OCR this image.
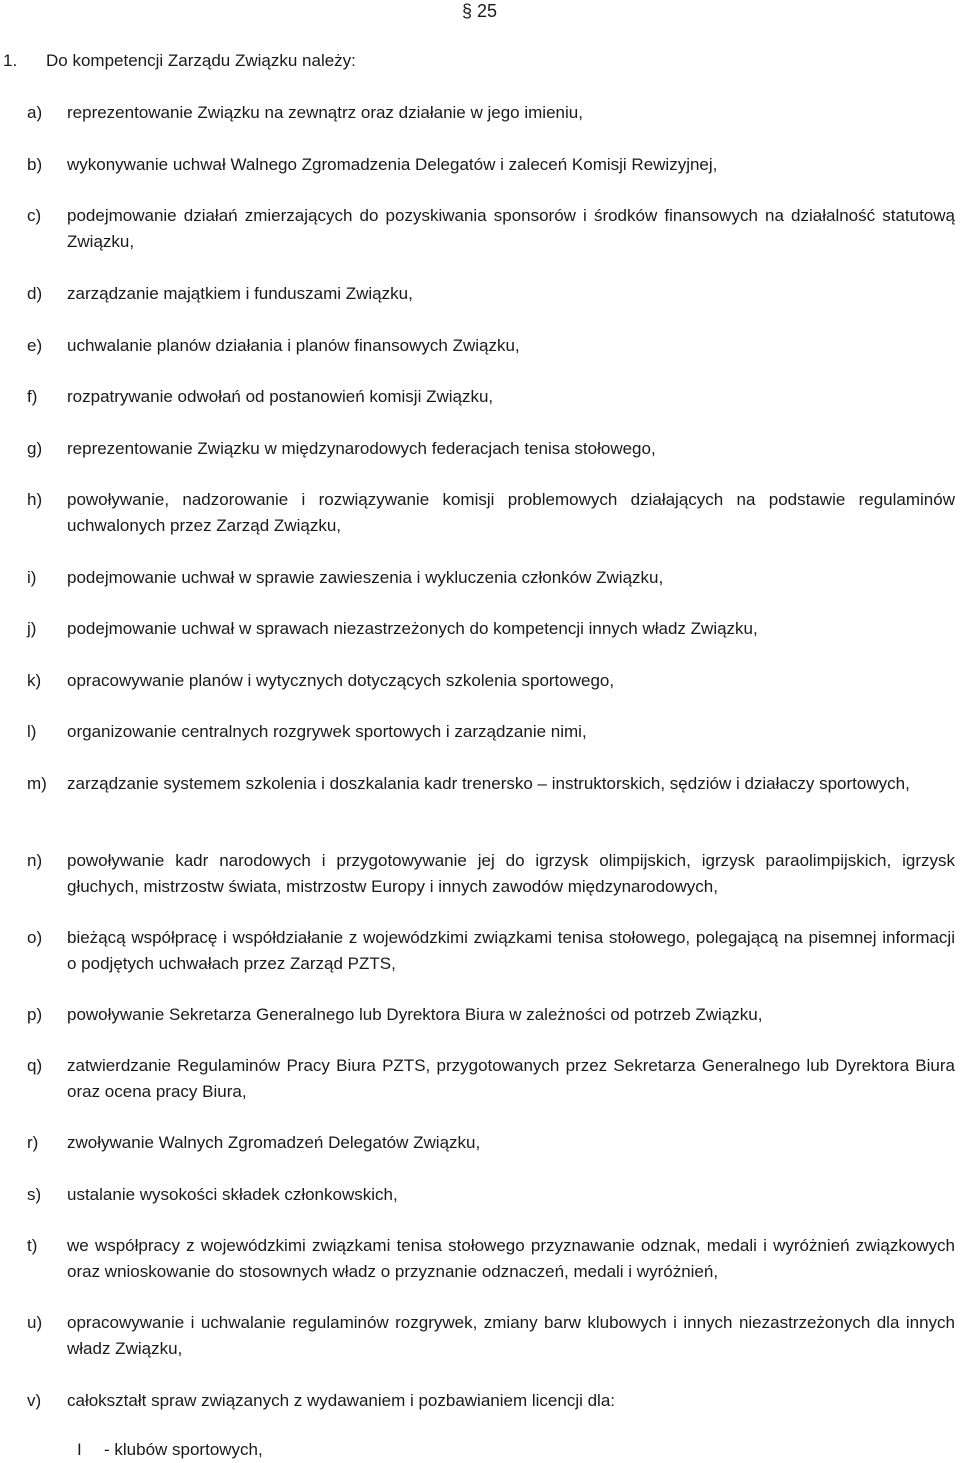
§ 25
1. Do kompetencji Zarządu Związku należy:
a) reprezentowanie Związku na zewnątrz oraz działanie w jego imieniu,
b) wykonywanie uchwał Walnego Zgromadzenia Delegatów i zaleceń Komisji Rewizyjnej,
c) podejmowanie działań zmierzających do pozyskiwania sponsorów i środków finansowych na działalność statutową Związku,
d) zarządzanie majątkiem i funduszami Związku,
e) uchwalanie planów działania i planów finansowych Związku,
f) rozpatrywanie odwołań od postanowień komisji Związku,
g) reprezentowanie Związku w międzynarodowych federacjach tenisa stołowego,
h) powoływanie, nadzorowanie i rozwiązywanie komisji problemowych działających na podstawie regulaminów uchwalonych przez Zarząd Związku,
i) podejmowanie uchwał w sprawie zawieszenia i wykluczenia członków Związku,
j) podejmowanie uchwał w sprawach niezastrzeżonych do kompetencji innych władz Związku,
k) opracowywanie planów i wytycznych dotyczących szkolenia sportowego,
l) organizowanie centralnych rozgrywek sportowych i zarządzanie nimi,
m) zarządzanie systemem szkolenia i doszkalania kadr trenersko – instruktorskich, sędziów i działaczy sportowych,
n) powoływanie kadr narodowych i przygotowywanie jej do igrzysk olimpijskich, igrzysk paraolimpijskich, igrzysk głuchych, mistrzostw świata, mistrzostw Europy i innych zawodów międzynarodowych,
o) bieżącą współpracę i współdziałanie z wojewódzkimi związkami tenisa stołowego, polegającą na pisemnej informacji o podjętych uchwałach przez Zarząd PZTS,
p) powoływanie Sekretarza Generalnego lub Dyrektora Biura w zależności od potrzeb Związku,
q) zatwierdzanie Regulaminów Pracy Biura PZTS, przygotowanych przez Sekretarza Generalnego lub Dyrektora Biura oraz ocena pracy Biura,
r) zwoływanie Walnych Zgromadzeń Delegatów Związku,
s) ustalanie wysokości składek członkowskich,
t) we współpracy z wojewódzkimi związkami tenisa stołowego przyznawanie odznak, medali i wyróżnień związkowych oraz wnioskowanie do stosownych władz o przyznanie odznaczeń, medali i wyróżnień,
u) opracowywanie i uchwalanie regulaminów rozgrywek, zmiany barw klubowych i innych niezastrzeżonych dla innych władz Związku,
v) całokształt spraw związanych z wydawaniem i pozbawianiem licencji dla:
I - klubów sportowych,
